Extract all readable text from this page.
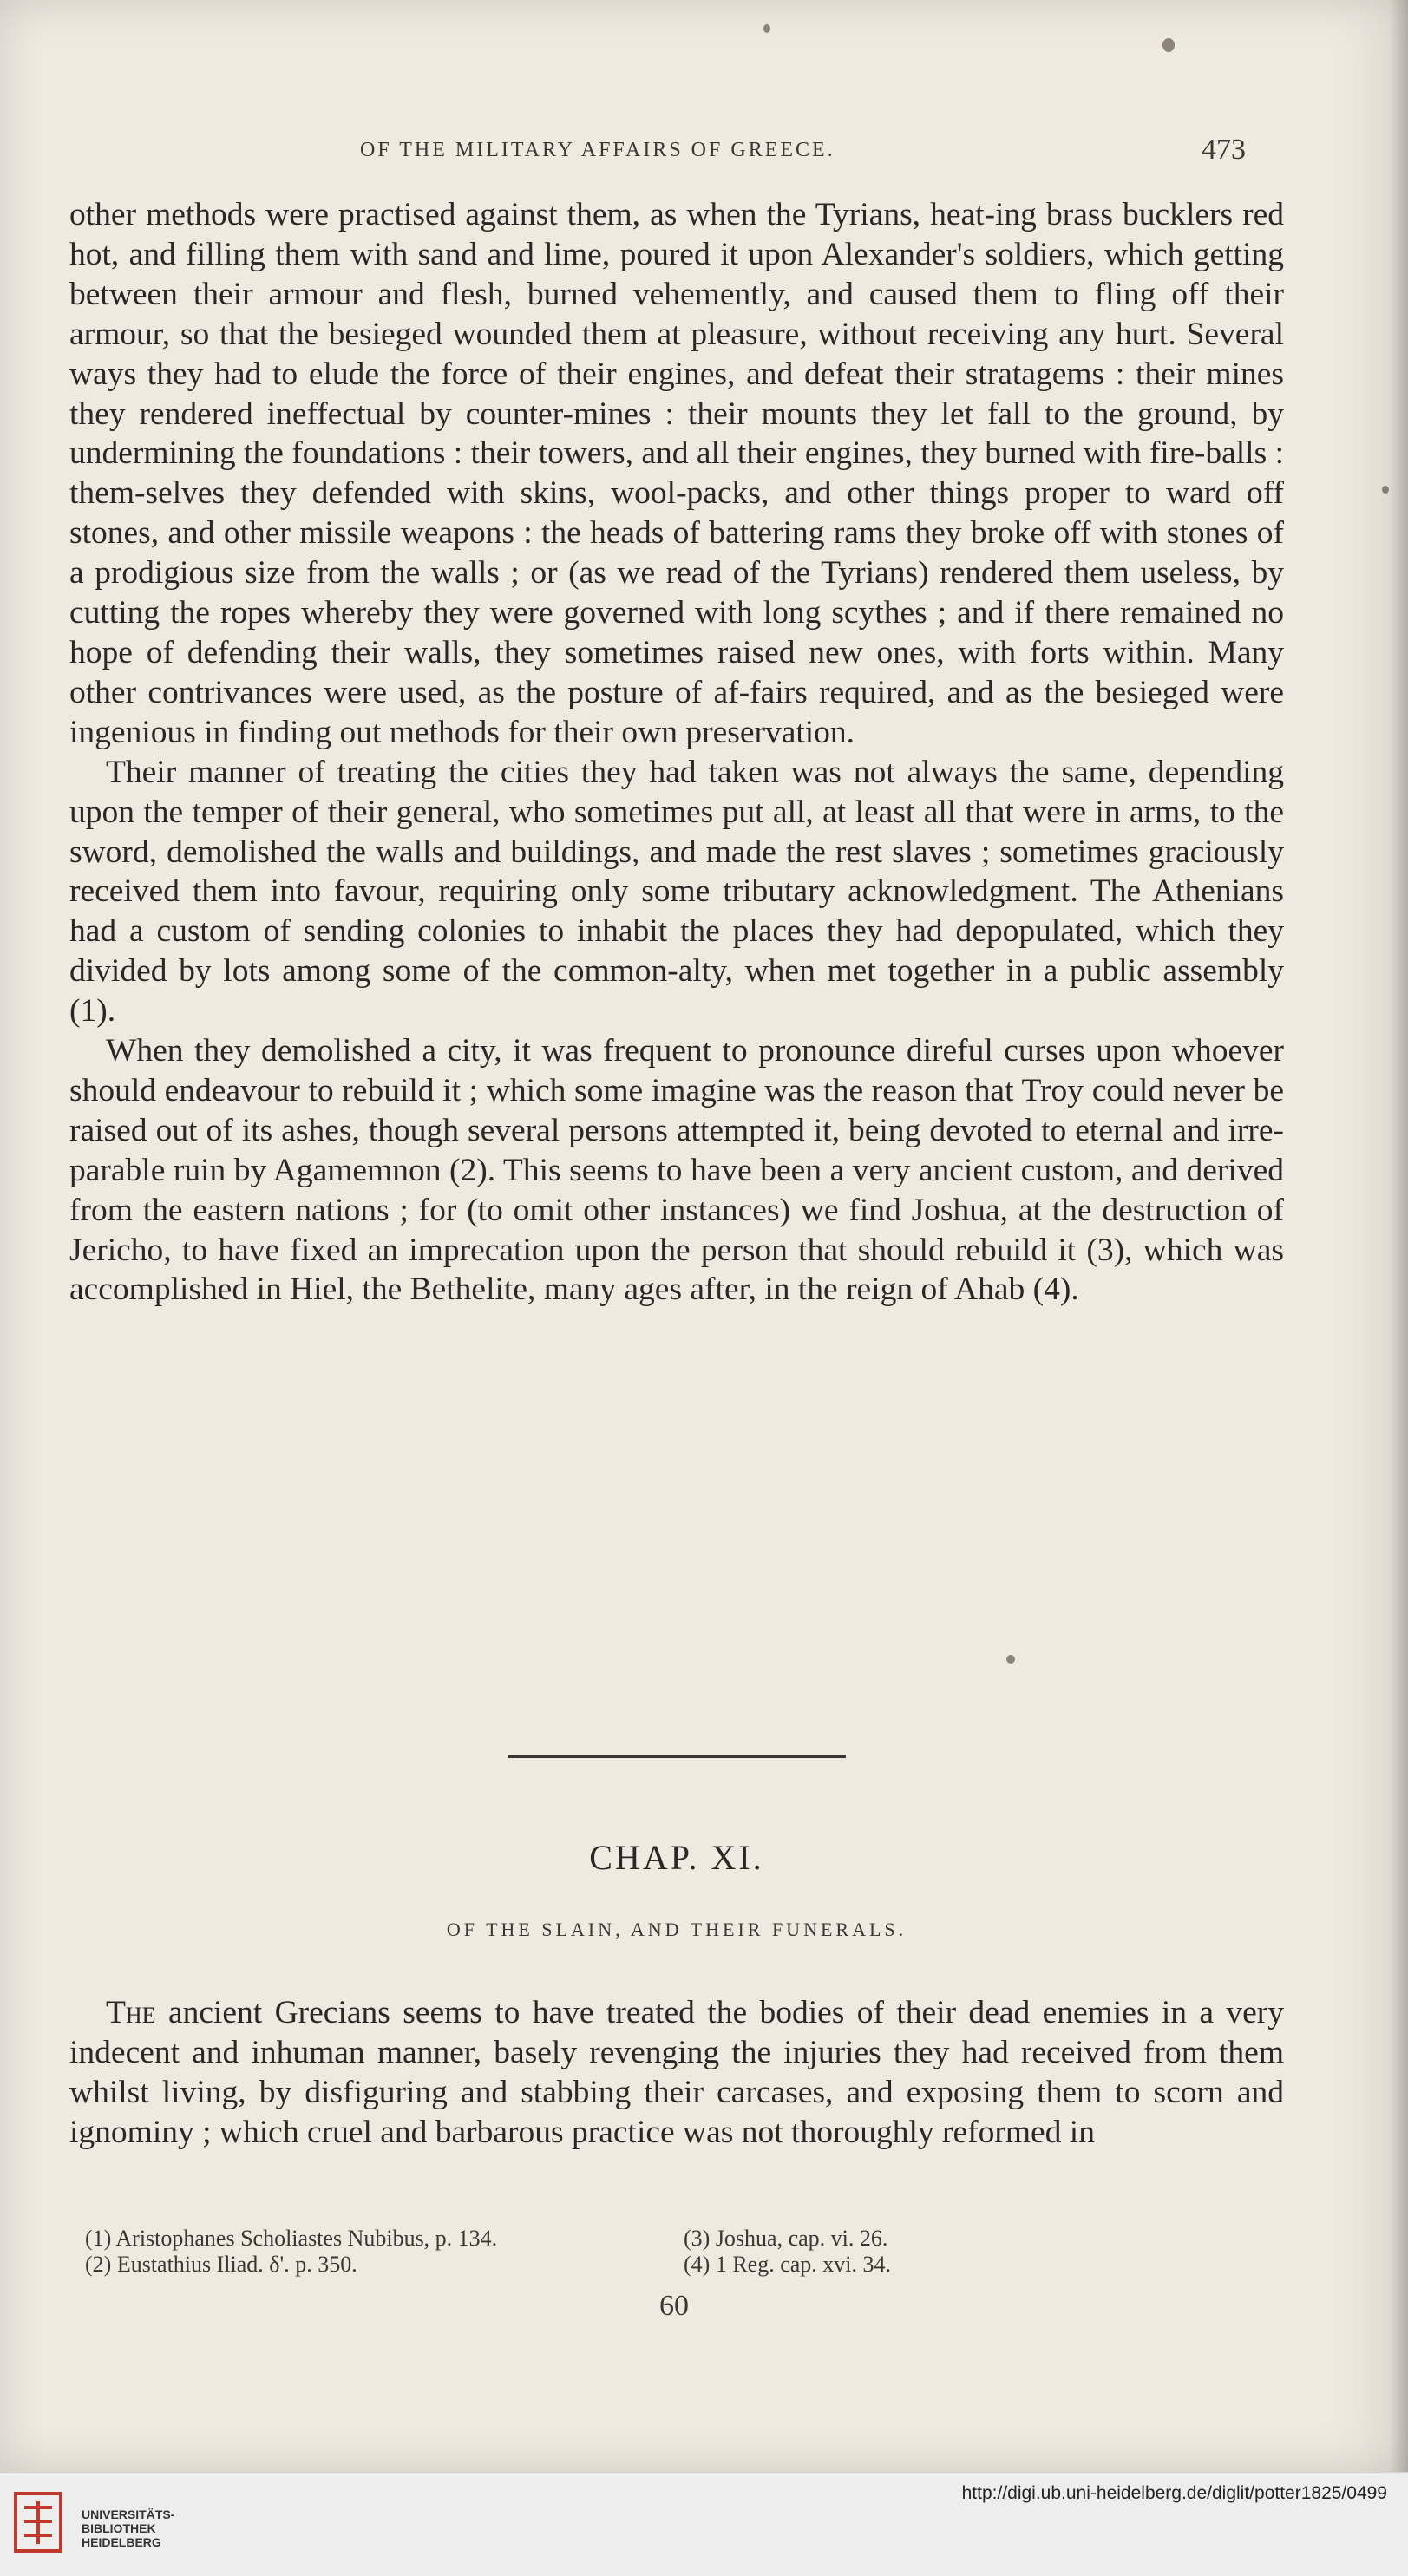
OF THE MILITARY AFFAIRS OF GREECE.	473

other methods were practised against them, as when the Tyrians, heat-ing brass bucklers red hot, and filling them with sand and lime, poured it upon Alexander's soldiers, which getting between their armour and flesh, burned vehemently, and caused them to fling off their armour, so that the besieged wounded them at pleasure, without receiving any hurt. Several ways they had to elude the force of their engines, and defeat their stratagems : their mines they rendered ineffectual by counter-mines : their mounts they let fall to the ground, by undermining the foundations : their towers, and all their engines, they burned with fire-balls : them-selves they defended with skins, wool-packs, and other things proper to ward off stones, and other missile weapons : the heads of battering rams they broke off with stones of a prodigious size from the walls ; or (as we read of the Tyrians) rendered them useless, by cutting the ropes whereby they were governed with long scythes ; and if there remained no hope of defending their walls, they sometimes raised new ones, with forts within. Many other contrivances were used, as the posture of af-fairs required, and as the besieged were ingenious in finding out methods for their own preservation.

Their manner of treating the cities they had taken was not always the same, depending upon the temper of their general, who sometimes put all, at least all that were in arms, to the sword, demolished the walls and buildings, and made the rest slaves ; sometimes graciously received them into favour, requiring only some tributary acknowledgment. The Athenians had a custom of sending colonies to inhabit the places they had depopulated, which they divided by lots among some of the common-alty, when met together in a public assembly (1).

When they demolished a city, it was frequent to pronounce direful curses upon whoever should endeavour to rebuild it ; which some imagine was the reason that Troy could never be raised out of its ashes, though several persons attempted it, being devoted to eternal and irre-parable ruin by Agamemnon (2). This seems to have been a very ancient custom, and derived from the eastern nations ; for (to omit other instances) we find Joshua, at the destruction of Jericho, to have fixed an imprecation upon the person that should rebuild it (3), which was accomplished in Hiel, the Bethelite, many ages after, in the reign of Ahab (4).

CHAP. XI.
OF THE SLAIN, AND THEIR FUNERALS.

The ancient Grecians seems to have treated the bodies of their dead enemies in a very indecent and inhuman manner, basely revenging the injuries they had received from them whilst living, by disfiguring and stabbing their carcases, and exposing them to scorn and ignominy ; which cruel and barbarous practice was not thoroughly reformed in

(1) Aristophanes Scholiastes Nubibus, p. 134.
(2) Eustathius Iliad. δ'. p. 350.
(3) Joshua, cap. vi. 26.
(4) 1 Reg. cap. xvi. 34.
60
UNIVERSITÄTS-
BIBLIOTHEK
HEIDELBERG
http://digi.ub.uni-heidelberg.de/diglit/potter1825/0499
